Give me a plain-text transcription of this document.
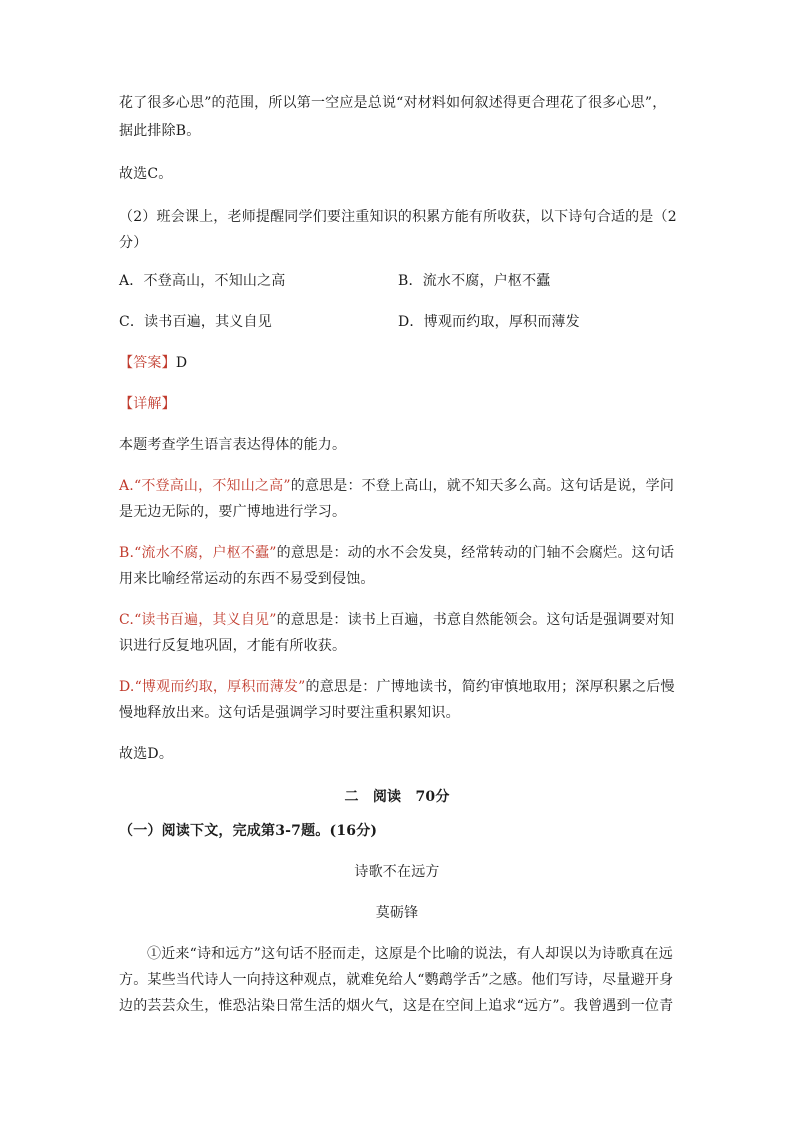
花了很多心思”的范围，所以第一空应是总说“对材料如何叙述得更合理花了很多心思”，
据此排除B。
故选C。
（2）班会课上，老师提醒同学们要注重知识的积累方能有所收获，以下诗句合适的是（2
分）
A．不登高山，不知山之高	B．流水不腐，户枢不蠹
C．读书百遍，其义自见	D．博观而约取，厚积而薄发
【答案】D
【详解】
本题考查学生语言表达得体的能力。
A.“不登高山，不知山之高”的意思是：不登上高山，就不知天多么高。这句话是说，学问
是无边无际的，要广博地进行学习。
B.“流水不腐，户枢不蠹”的意思是：动的水不会发臭，经常转动的门轴不会腐烂。这句话
用来比喻经常运动的东西不易受到侵蚀。
C.“读书百遍，其义自见”的意思是：读书上百遍，书意自然能领会。这句话是强调要对知
识进行反复地巩固，才能有所收获。
D.“博观而约取，厚积而薄发”的意思是：广博地读书，简约审慎地取用；深厚积累之后慢
慢地释放出来。这句话是强调学习时要注重积累知识。
故选D。
二　阅读　70分
（一）阅读下文，完成第3-7题。(16分)
诗歌不在远方
莫砺锋
①近来“诗和远方”这句话不胫而走，这原是个比喻的说法，有人却误以为诗歌真在远
方。某些当代诗人一向持这种观点，就难免给人“鹦鹉学舌”之感。他们写诗，尽量避开身
边的芸芸众生，惟恐沾染日常生活的烟火气，这是在空间上追求“远方”。我曾遇到一位青
